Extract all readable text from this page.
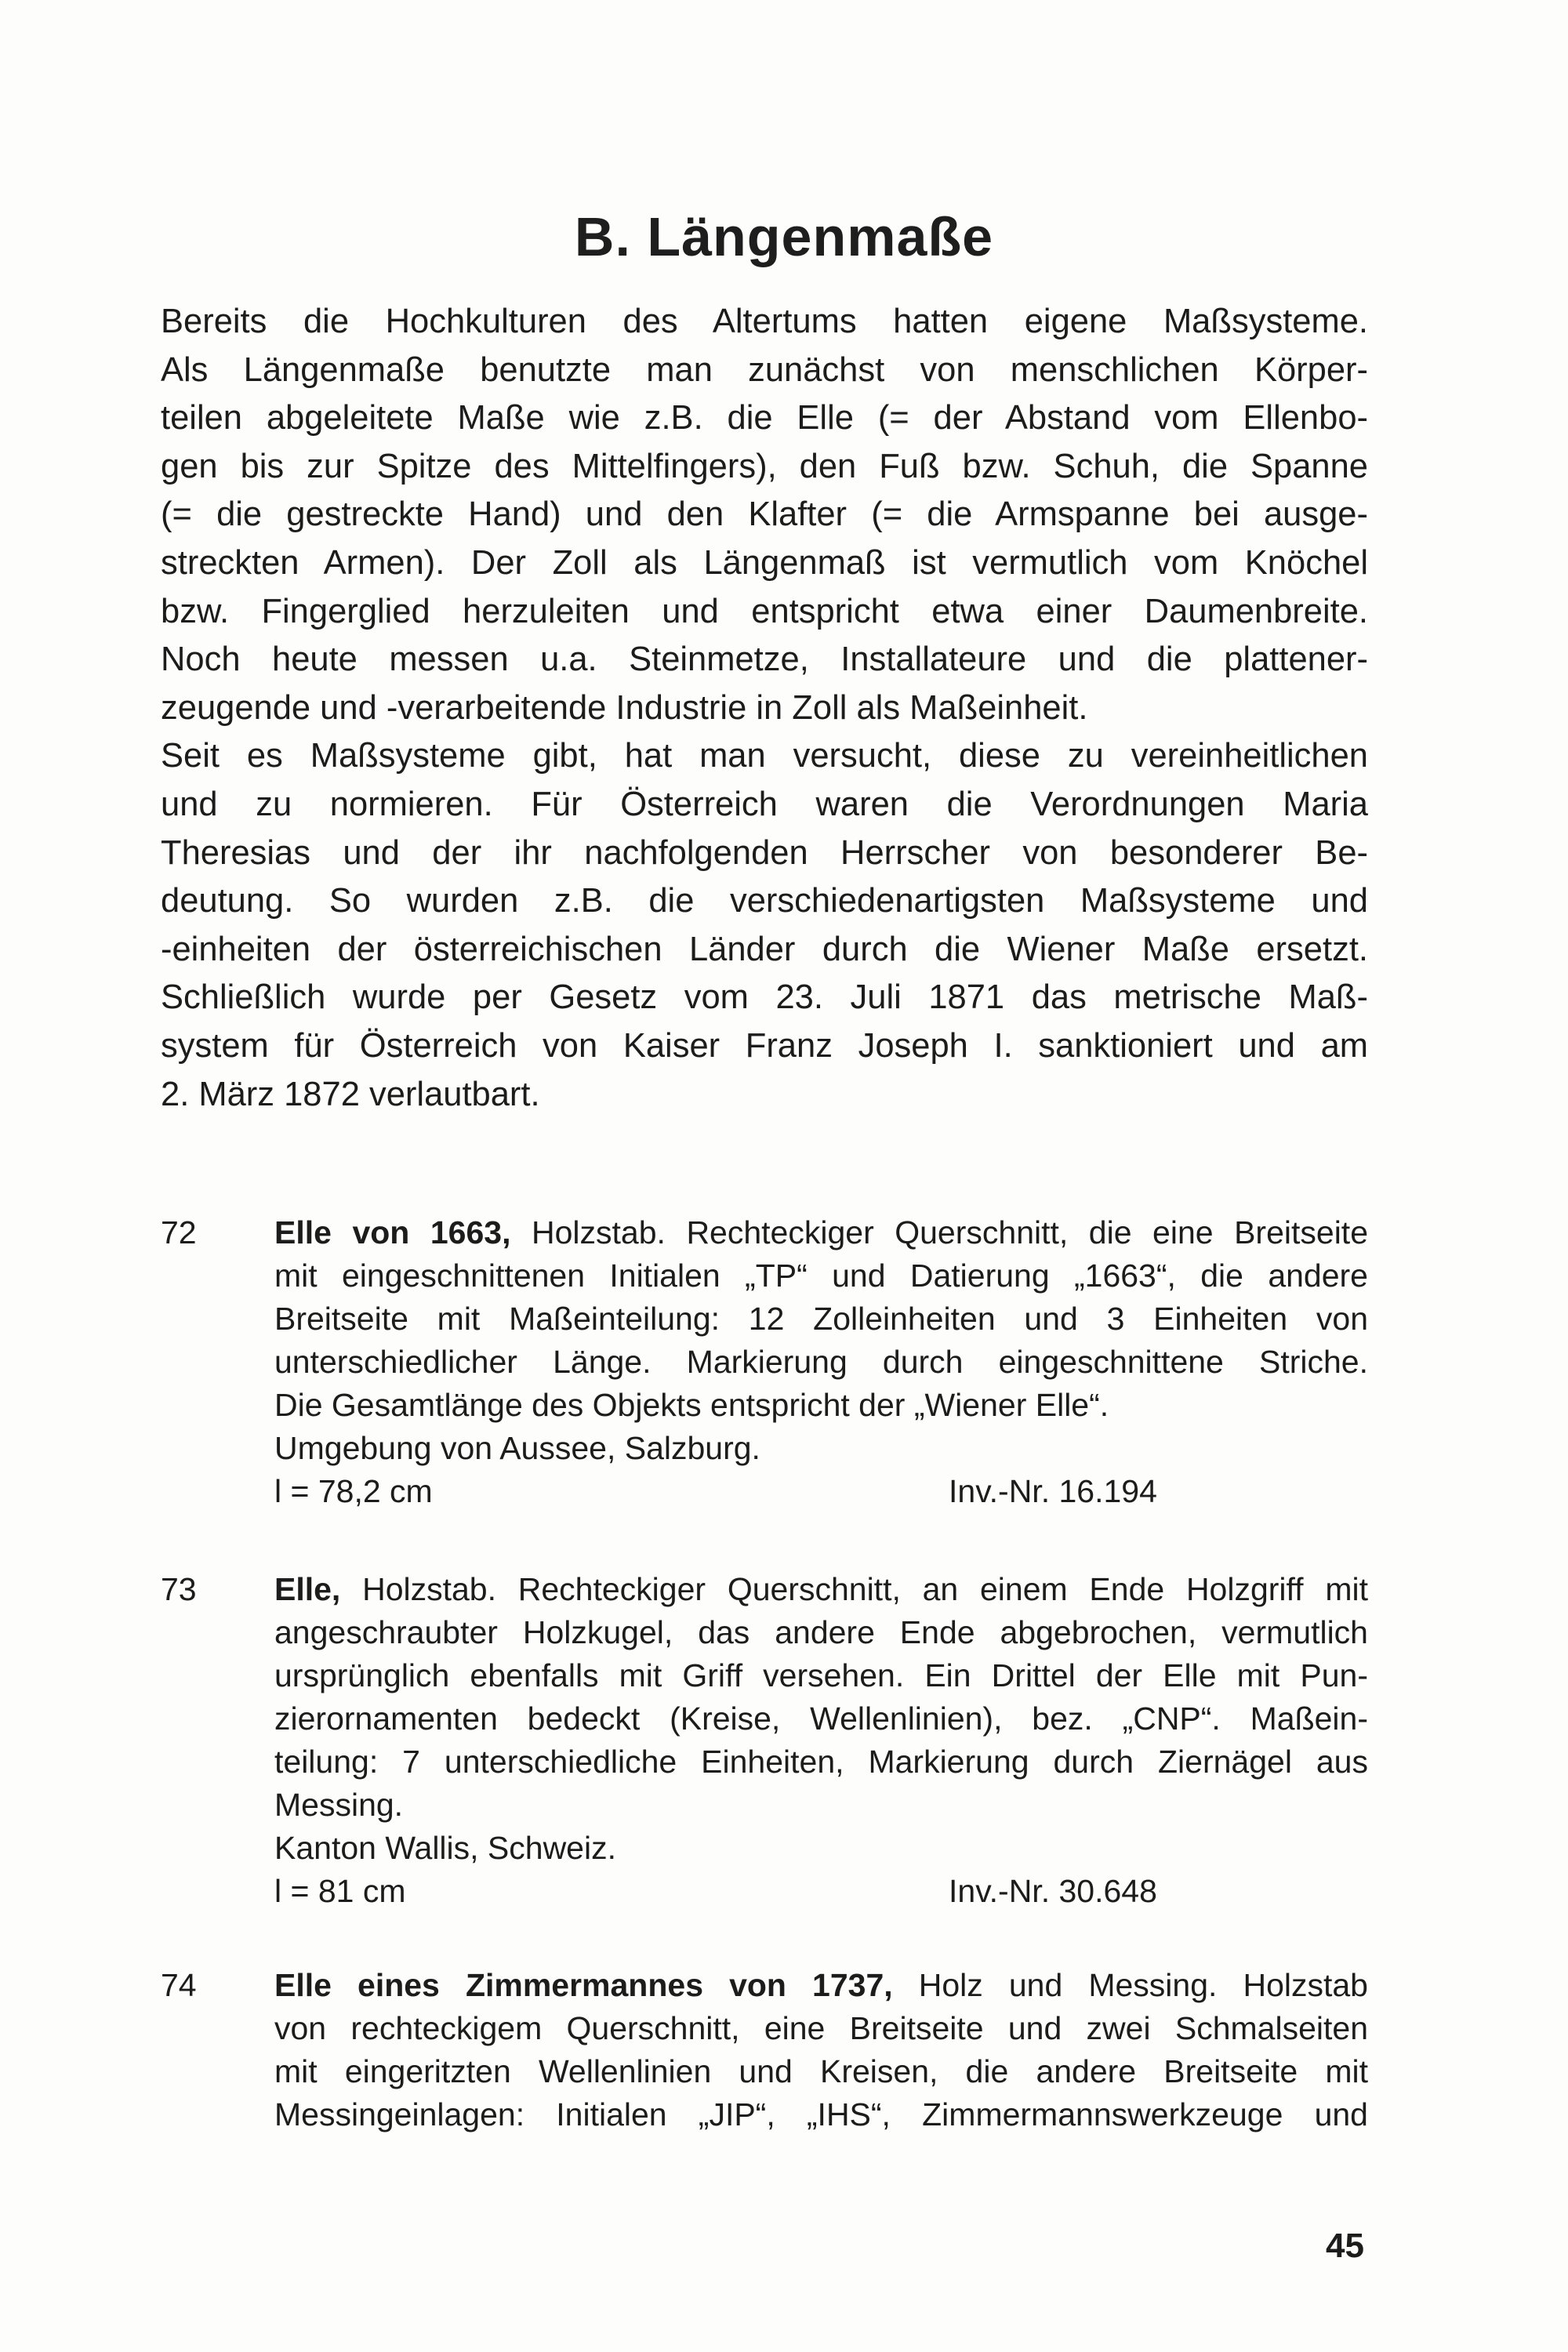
B. Längenmaße
Bereits die Hochkulturen des Altertums hatten eigene Maßsysteme.
Als Längenmaße benutzte man zunächst von menschlichen Körper-
teilen abgeleitete Maße wie z.B. die Elle (= der Abstand vom Ellenbo-
gen bis zur Spitze des Mittelfingers), den Fuß bzw. Schuh, die Spanne
(= die gestreckte Hand) und den Klafter (= die Armspanne bei ausge-
streckten Armen). Der Zoll als Längenmaß ist vermutlich vom Knöchel
bzw. Fingerglied herzuleiten und entspricht etwa einer Daumenbreite.
Noch heute messen u.a. Steinmetze, Installateure und die plattener-
zeugende und -verarbeitende Industrie in Zoll als Maßeinheit.
Seit es Maßsysteme gibt, hat man versucht, diese zu vereinheitlichen
und zu normieren. Für Österreich waren die Verordnungen Maria
Theresias und der ihr nachfolgenden Herrscher von besonderer Be-
deutung. So wurden z.B. die verschiedenartigsten Maßsysteme und
-einheiten der österreichischen Länder durch die Wiener Maße ersetzt.
Schließlich wurde per Gesetz vom 23. Juli 1871 das metrische Maß-
system für Österreich von Kaiser Franz Joseph I. sanktioniert und am
2. März 1872 verlautbart.
72	Elle von 1663, Holzstab. Rechteckiger Querschnitt, die eine Breitseite
mit eingeschnittenen Initialen „TP“ und Datierung „1663“, die andere
Breitseite mit Maßeinteilung: 12 Zolleinheiten und 3 Einheiten von
unterschiedlicher Länge. Markierung durch eingeschnittene Striche.
Die Gesamtlänge des Objekts entspricht der „Wiener Elle“.
Umgebung von Aussee, Salzburg.
l = 78,2 cm	Inv.-Nr. 16.194
73	Elle, Holzstab. Rechteckiger Querschnitt, an einem Ende Holzgriff mit
angeschraubter Holzkugel, das andere Ende abgebrochen, vermutlich
ursprünglich ebenfalls mit Griff versehen. Ein Drittel der Elle mit Pun-
zierornamenten bedeckt (Kreise, Wellenlinien), bez. „CNP“. Maßein-
teilung: 7 unterschiedliche Einheiten, Markierung durch Ziernägel aus
Messing.
Kanton Wallis, Schweiz.
l = 81 cm	Inv.-Nr. 30.648
74	Elle eines Zimmermannes von 1737, Holz und Messing. Holzstab
von rechteckigem Querschnitt, eine Breitseite und zwei Schmalseiten
mit eingeritzten Wellenlinien und Kreisen, die andere Breitseite mit
Messingeinlagen: Initialen „JIP“, „IHS“, Zimmermannswerkzeuge und
45
